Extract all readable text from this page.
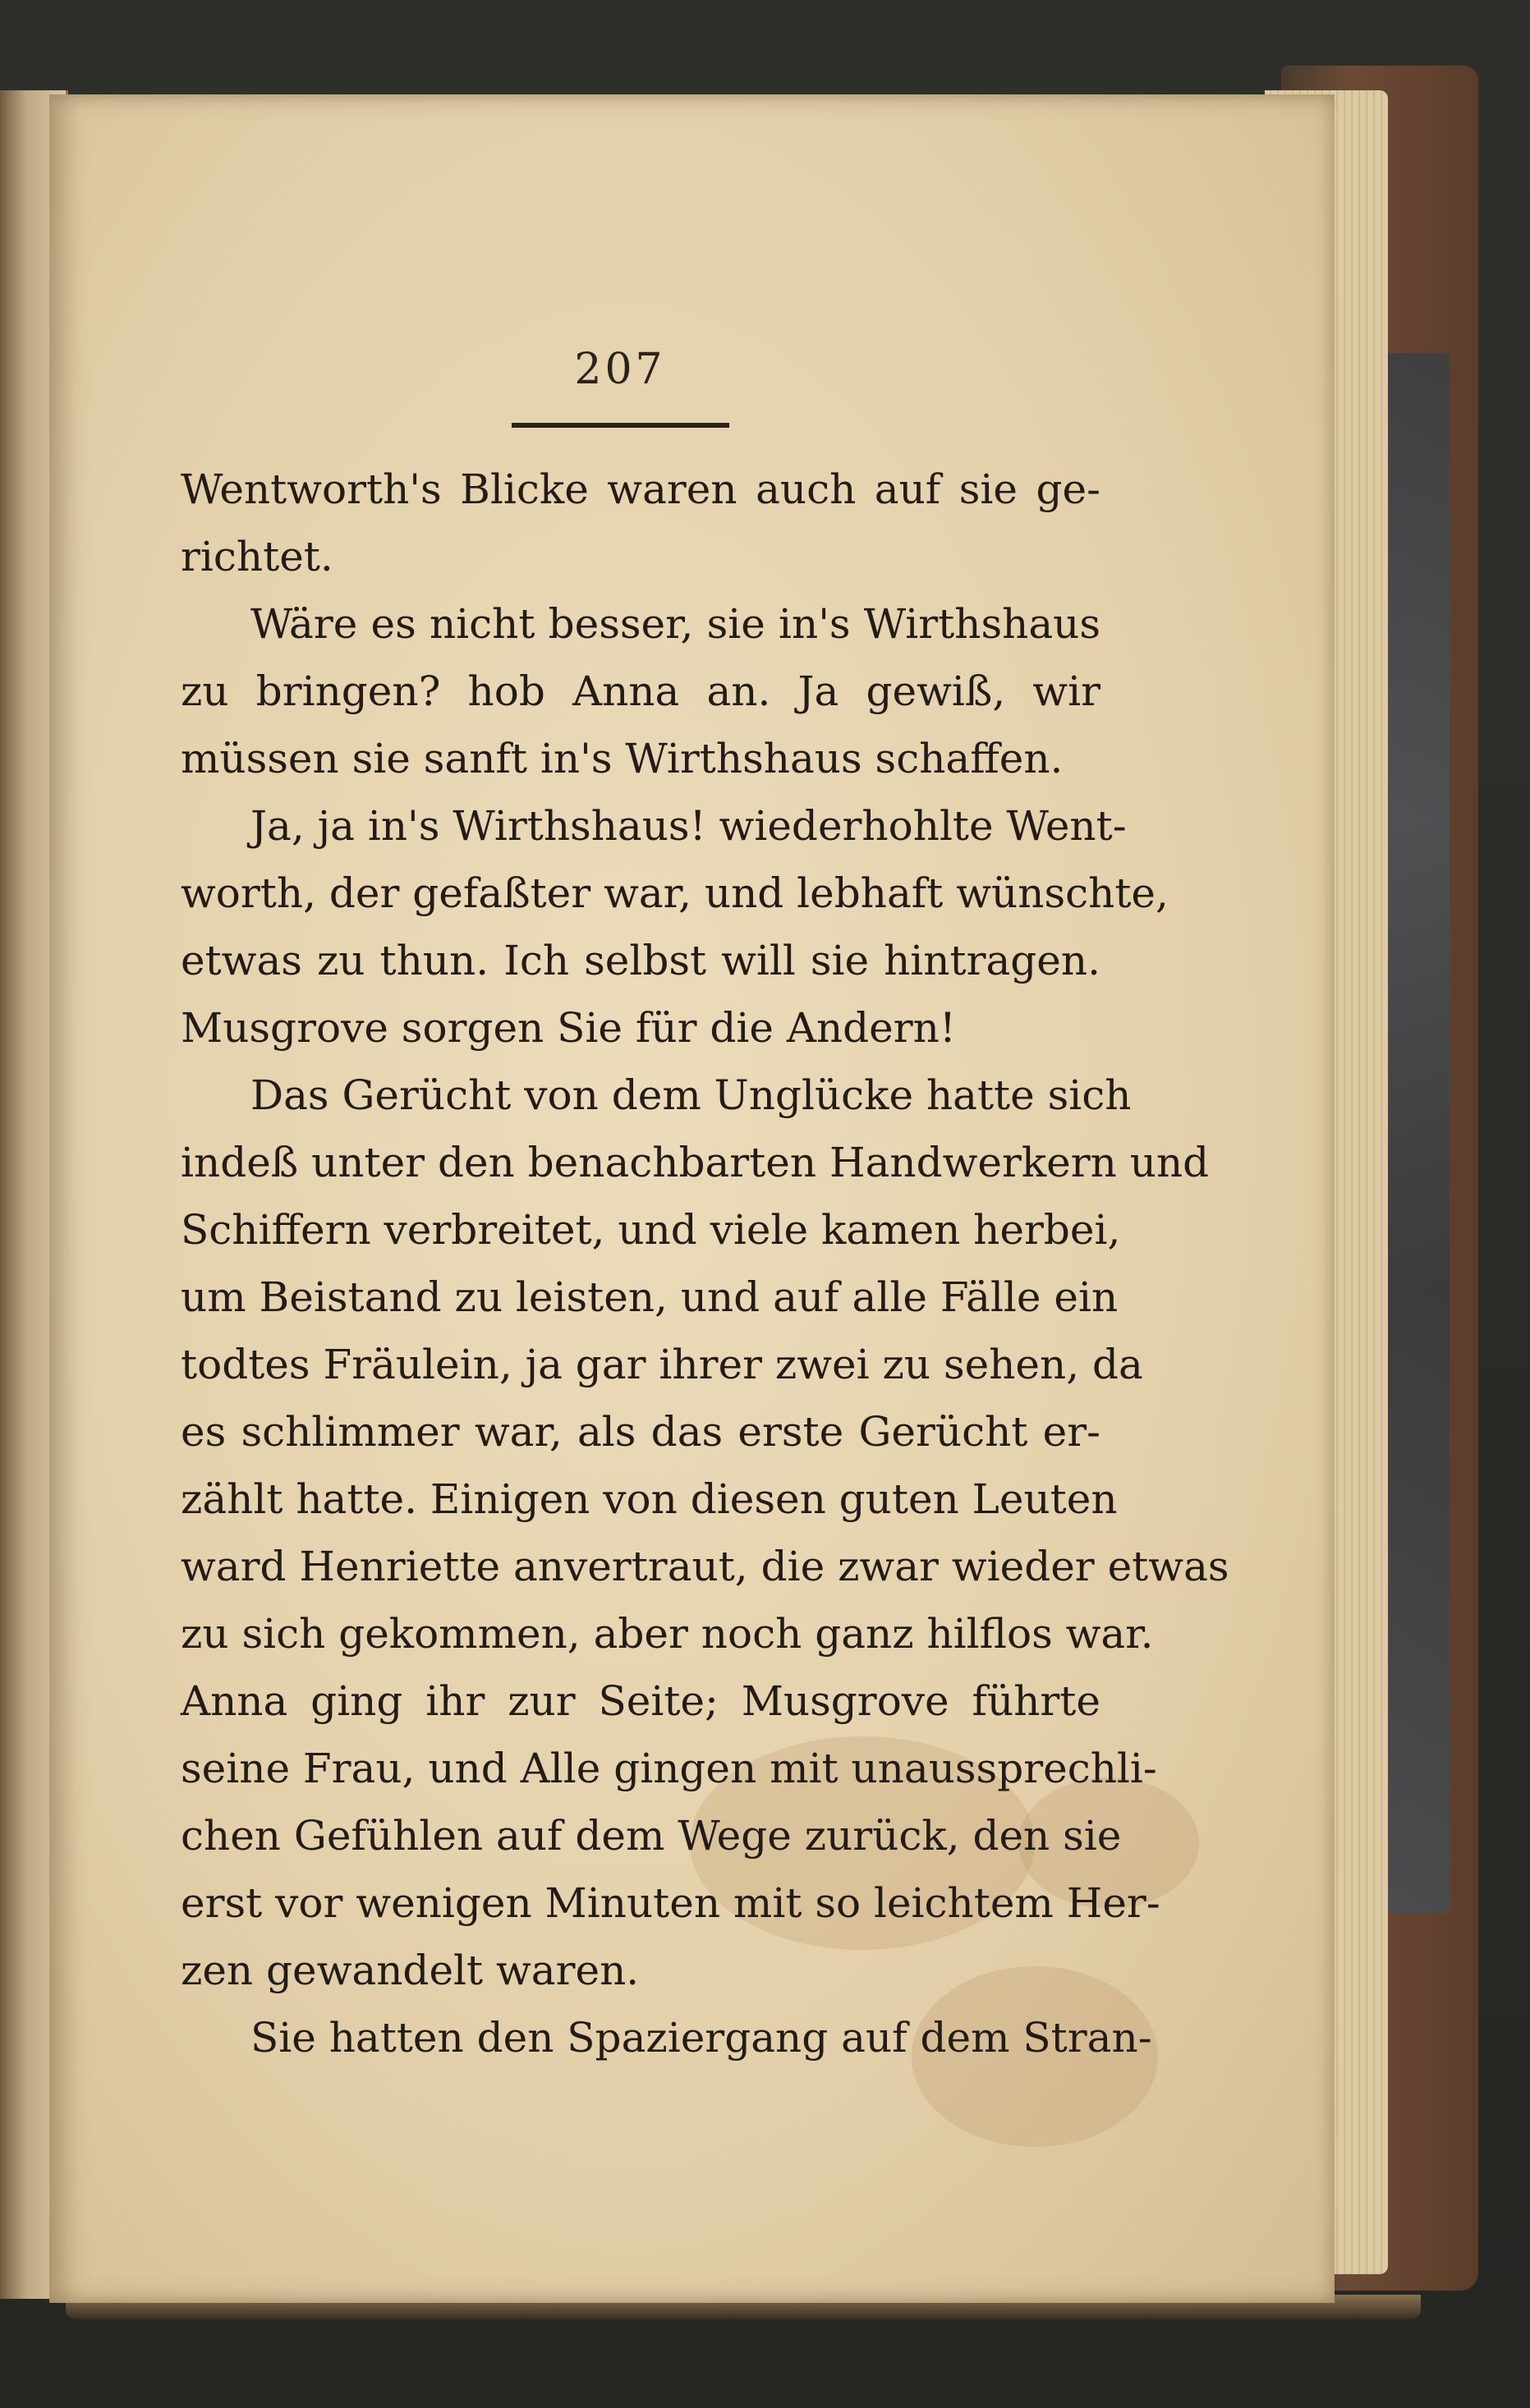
207
Wentworth's Blicke waren auch auf sie ge-
richtet.
Wäre es nicht besser, sie in's Wirthshaus
zu bringen? hob Anna an. Ja gewiß, wir
müssen sie sanft in's Wirthshaus schaffen.
Ja, ja in's Wirthshaus! wiederhohlte Went-
worth, der gefaßter war, und lebhaft wünschte,
etwas zu thun. Ich selbst will sie hintragen.
Musgrove sorgen Sie für die Andern!
Das Gerücht von dem Unglücke hatte sich
indeß unter den benachbarten Handwerkern und
Schiffern verbreitet, und viele kamen herbei,
um Beistand zu leisten, und auf alle Fälle ein
todtes Fräulein, ja gar ihrer zwei zu sehen, da
es schlimmer war, als das erste Gerücht er-
zählt hatte. Einigen von diesen guten Leuten
ward Henriette anvertraut, die zwar wieder etwas
zu sich gekommen, aber noch ganz hilflos war.
Anna ging ihr zur Seite; Musgrove führte
seine Frau, und Alle gingen mit unaussprechli-
chen Gefühlen auf dem Wege zurück, den sie
erst vor wenigen Minuten mit so leichtem Her-
zen gewandelt waren.
Sie hatten den Spaziergang auf dem Stran-
